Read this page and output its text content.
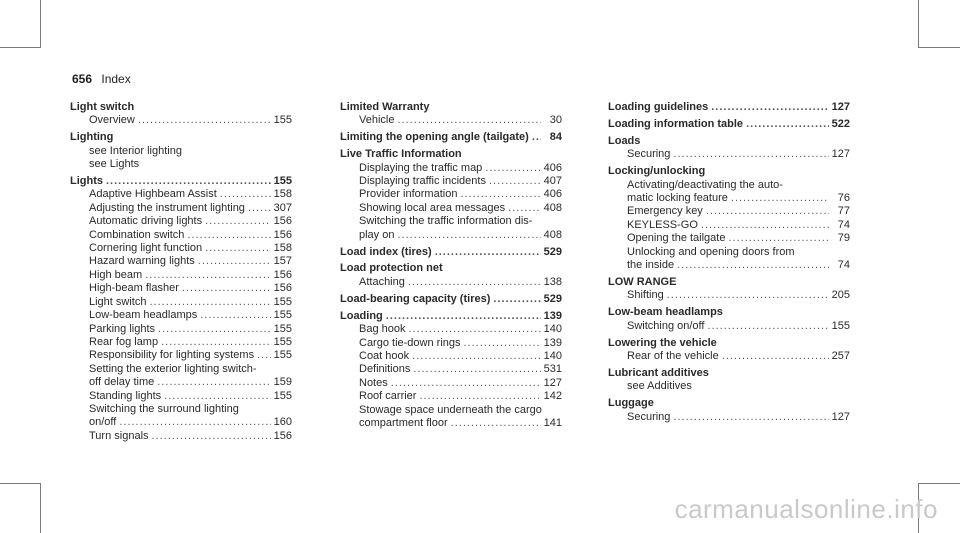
656 Index
Light switch
Overview .....	155
Lighting
see Interior lighting
see Lights
Lights .....	155
Adaptive Highbeam Assist .....	158
Adjusting the instrument lighting .....	307
Automatic driving lights .....	156
Combination switch .....	156
Cornering light function .....	158
Hazard warning lights .....	157
High beam .....	156
High-beam flasher .....	156
Light switch .....	155
Low-beam headlamps .....	155
Parking lights .....	155
Rear fog lamp .....	155
Responsibility for lighting systems ..... 155
Setting the exterior lighting switch-
off delay time .....	159
Standing lights .....	155
Switching the surround lighting
on/off .....	160
Turn signals .....	156
Limited Warranty
Vehicle .....	30
Limiting the opening angle (tailgate) .....	84
Live Traffic Information
Displaying the traffic map .....	406
Displaying traffic incidents .....	407
Provider information .....	406
Showing local area messages .....	408
Switching the traffic information dis-
play on .....	408
Load index (tires) .....	529
Load protection net
Attaching .....	138
Load-bearing capacity (tires) .....	529
Loading .....	139
Bag hook .....	140
Cargo tie-down rings .....	139
Coat hook .....	140
Definitions .....	531
Notes .....	127
Roof carrier .....	142
Stowage space underneath the cargo
compartment floor .....	141
Loading guidelines .....	127
Loading information table .....	522
Loads
Securing .....	127
Locking/unlocking
Activating/deactivating the auto-
matic locking feature .....	76
Emergency key .....	77
KEYLESS-GO .....	74
Opening the tailgate .....	79
Unlocking and opening doors from
the inside .....	74
LOW RANGE
Shifting .....	205
Low-beam headlamps
Switching on/off .....	155
Lowering the vehicle
Rear of the vehicle .....	257
Lubricant additives
see Additives
Luggage
Securing .....	127
carmanualsonline.info
